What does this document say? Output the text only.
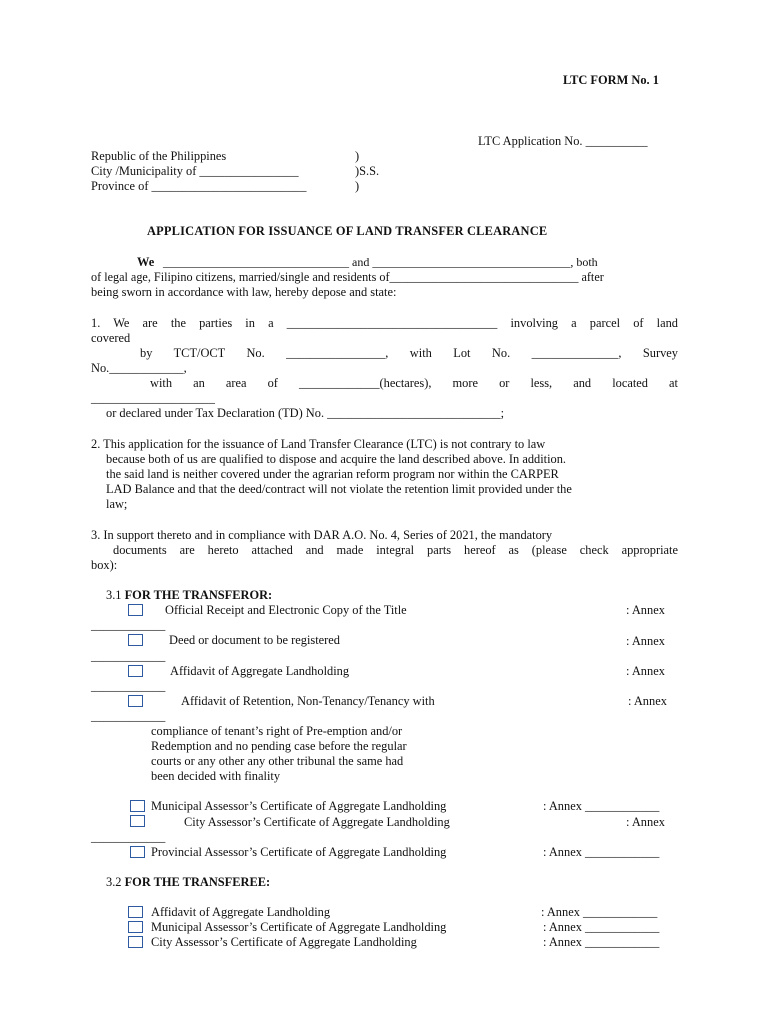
LTC FORM No. 1
LTC Application No. __________
Republic of the Philippines	)
City /Municipality of ________________	)S.S.
Province of _________________________	)
APPLICATION FOR ISSUANCE OF LAND TRANSFER CLEARANCE
We _______________________________ and _________________________________, both
of legal age, Filipino citizens, married/single and residents of_______________________________ after
being sworn in accordance with law, hereby depose and state:
1. We are the parties in a __________________________________ involving a parcel of land
covered
by TCT/OCT No. ________________, with Lot No. ______________, Survey
No.____________,
with an area of _____________(hectares), more or less, and located at
____________________
or declared under Tax Declaration (TD) No. ____________________________;
2. This application for the issuance of Land Transfer Clearance (LTC) is not contrary to law
because both of us are qualified to dispose and acquire the land described above. In addition.
the said land is neither covered under the agrarian reform program nor within the CARPER
LAD Balance and that the deed/contract will not violate the retention limit provided under the
law;
3. In support thereto and in compliance with DAR A.O. No. 4, Series of 2021, the mandatory
documents are hereto attached and made integral parts hereof as (please check appropriate
box):
3.1 FOR THE TRANSFEROR:
Official Receipt and Electronic Copy of the Title	: Annex
____________
Deed or document to be registered	: Annex
____________
Affidavit of Aggregate Landholding	: Annex
____________
Affidavit of Retention, Non-Tenancy/Tenancy with	: Annex
____________
compliance of tenant’s right of Pre-emption and/or
Redemption and no pending case before the regular
courts or any other any other tribunal the same had
been decided with finality
Municipal Assessor’s Certificate of Aggregate Landholding	: Annex ____________
City Assessor’s Certificate of Aggregate Landholding	: Annex
____________
Provincial Assessor’s Certificate of Aggregate Landholding	: Annex ____________
3.2 FOR THE TRANSFEREE:
Affidavit of Aggregate Landholding	: Annex ____________
Municipal Assessor’s Certificate of Aggregate Landholding	: Annex ____________
City Assessor’s Certificate of Aggregate Landholding	: Annex ____________
